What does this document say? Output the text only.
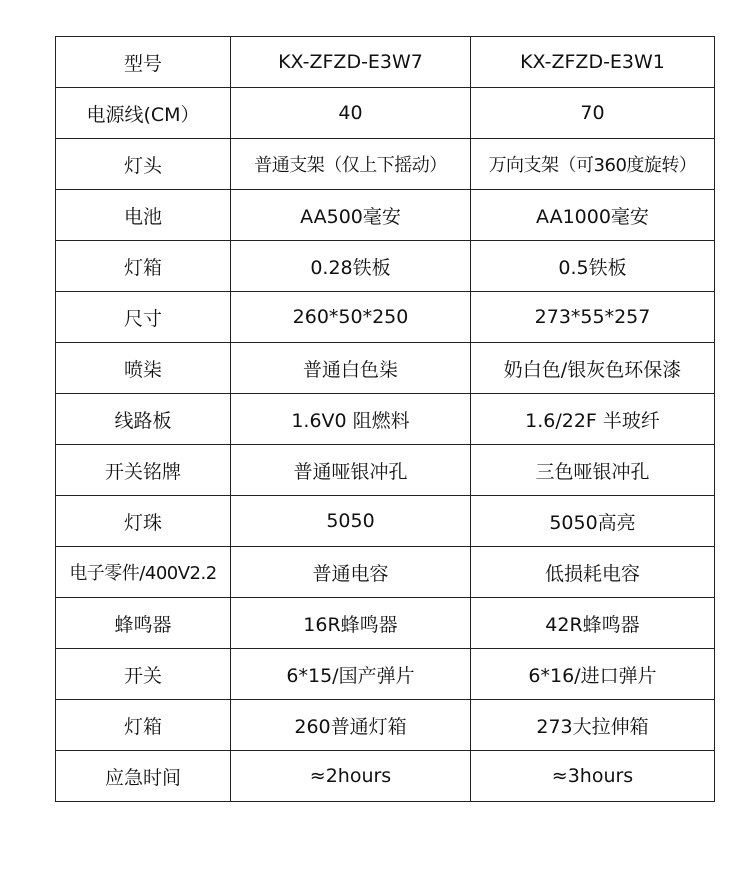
型号	KX-ZFZD-E3W7	KX-ZFZD-E3W1
电源线(CM）	40	70
灯头	普通支架（仅上下摇动）	万向支架（可360度旋转）
电池	AA500毫安	AA1000毫安
灯箱	0.28铁板	0.5铁板
尺寸	260*50*250	273*55*257
喷柒	普通白色柒	奶白色/银灰色环保漆
线路板	1.6V0 阻燃料	1.6/22F 半玻纤
开关铭牌	普通哑银冲孔	三色哑银冲孔
灯珠	5050	5050高亮
电子零件/400V2.2	普通电容	低损耗电容
蜂鸣器	16R蜂鸣器	42R蜂鸣器
开关	6*15/国产弹片	6*16/进口弹片
灯箱	260普通灯箱	273大拉伸箱
应急时间	≈2hours	≈3hours
